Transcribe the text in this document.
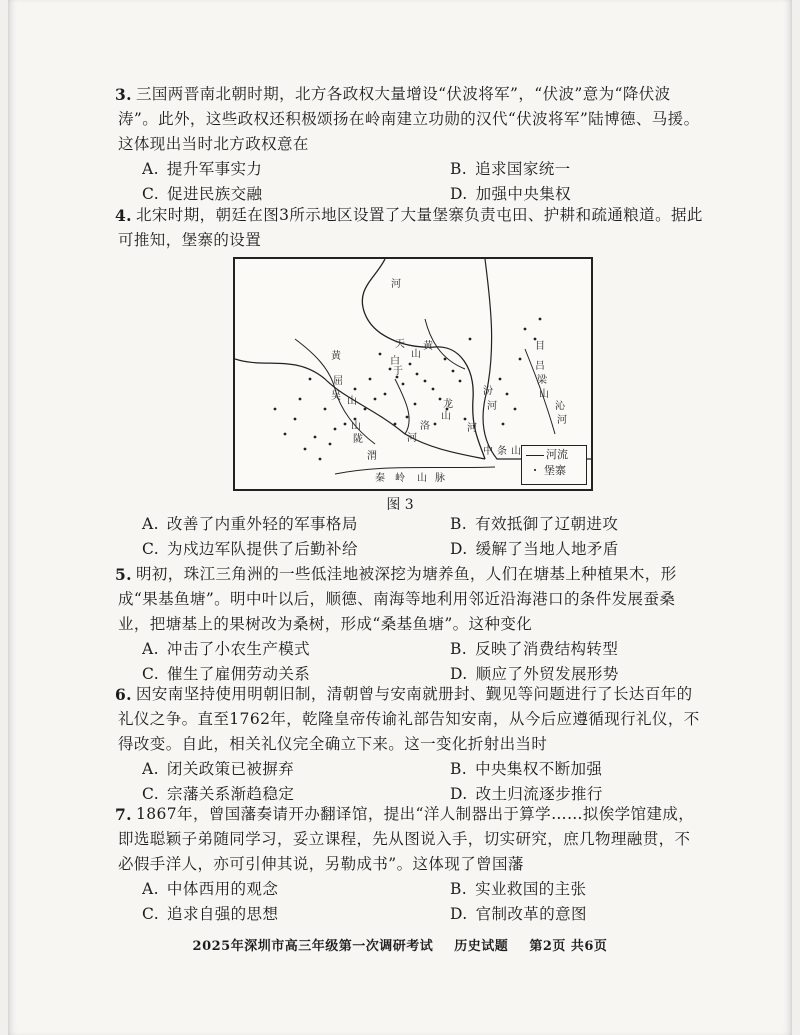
3. 三国两晋南北朝时期，北方各政权大量增设“伏波将军”，“伏波”意为“降伏波涛”。此外，这些政权还积极颂扬在岭南建立功勋的汉代“伏波将军”陆博德、马援。这体现出当时北方政权意在

A. 提升军事实力	B. 追求国家统一
C. 促进民族交融	D. 加强中央集权
4. 北宋时期，朝廷在图3所示地区设置了大量堡寨负责屯田、护耕和疏通粮道。据此可推知，堡寨的设置

河
黄
天
白
于
山
屈
吴 山
洛
河
渭
陇
山
秦 岭 山 脉
黄
龙
山
河
中 条 山
汾
河
吕
梁
山
沁
河
目
河流
· 堡寨
图 3
A. 改善了内重外轻的军事格局	B. 有效抵御了辽朝进攻
C. 为戍边军队提供了后勤补给	D. 缓解了当地人地矛盾
5. 明初，珠江三角洲的一些低洼地被深挖为塘养鱼，人们在塘基上种植果木，形成“果基鱼塘”。明中叶以后，顺德、南海等地利用邻近沿海港口的条件发展蚕桑业，把塘基上的果树改为桑树，形成“桑基鱼塘”。这种变化

A. 冲击了小农生产模式	B. 反映了消费结构转型
C. 催生了雇佣劳动关系	D. 顺应了外贸发展形势
6. 因安南坚持使用明朝旧制，清朝曾与安南就册封、觐见等问题进行了长达百年的礼仪之争。直至1762年，乾隆皇帝传谕礼部告知安南，从今后应遵循现行礼仪，不得改变。自此，相关礼仪完全确立下来。这一变化折射出当时

A. 闭关政策已被摒弃	B. 中央集权不断加强
C. 宗藩关系渐趋稳定	D. 改土归流逐步推行
7. 1867年，曾国藩奏请开办翻译馆，提出“洋人制器出于算学……拟俟学馆建成，即选聪颖子弟随同学习，妥立课程，先从图说入手，切实研究，庶几物理融贯，不必假手洋人，亦可引伸其说，另勒成书”。这体现了曾国藩

A. 中体西用的观念	B. 实业救国的主张
C. 追求自强的思想	D. 官制改革的意图
2025年深圳市高三年级第一次调研考试 历史试题 第2页 共6页
